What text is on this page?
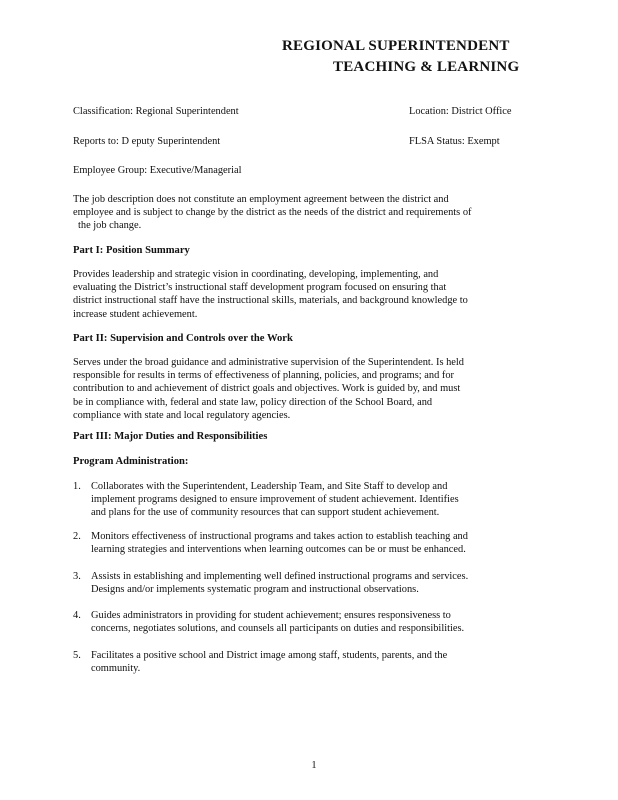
REGIONAL SUPERINTENDENT
TEACHING & LEARNING
Classification: Regional Superintendent	Location: District Office
Reports to: D eputy Superintendent	FLSA Status: Exempt
Employee Group: Executive/Managerial

The job description does not constitute an employment agreement between the district and

employee and is subject to change by the district as the needs of the district and requirements of

the job change.

Part I: Position Summary

Provides leadership and strategic vision in coordinating, developing, implementing, and

evaluating the District’s instructional staff development program focused on ensuring that

district instructional staff have the instructional skills, materials, and background knowledge to

increase student achievement.

Part II: Supervision and Controls over the Work

Serves under the broad guidance and administrative supervision of the Superintendent. Is held

responsible for results in terms of effectiveness of planning, policies, and programs; and for

contribution to and achievement of district goals and objectives. Work is guided by, and must

be in compliance with, federal and state law, policy direction of the School Board, and

compliance with state and local regulatory agencies.

Part III: Major Duties and Responsibilities
Program Administration:
1. Collaborates with the Superintendent, Leadership Team, and Site Staff to develop and
implement programs designed to ensure improvement of student achievement. Identifies
and plans for the use of community resources that can support student achievement.
2. Monitors effectiveness of instructional programs and takes action to establish teaching and
learning strategies and interventions when learning outcomes can be or must be enhanced.
3. Assists in establishing and implementing well defined instructional programs and services.
Designs and/or implements systematic program and instructional observations.
4. Guides administrators in providing for student achievement; ensures responsiveness to
concerns, negotiates solutions, and counsels all participants on duties and responsibilities.
5. Facilitates a positive school and District image among staff, students, parents, and the
community.
1
